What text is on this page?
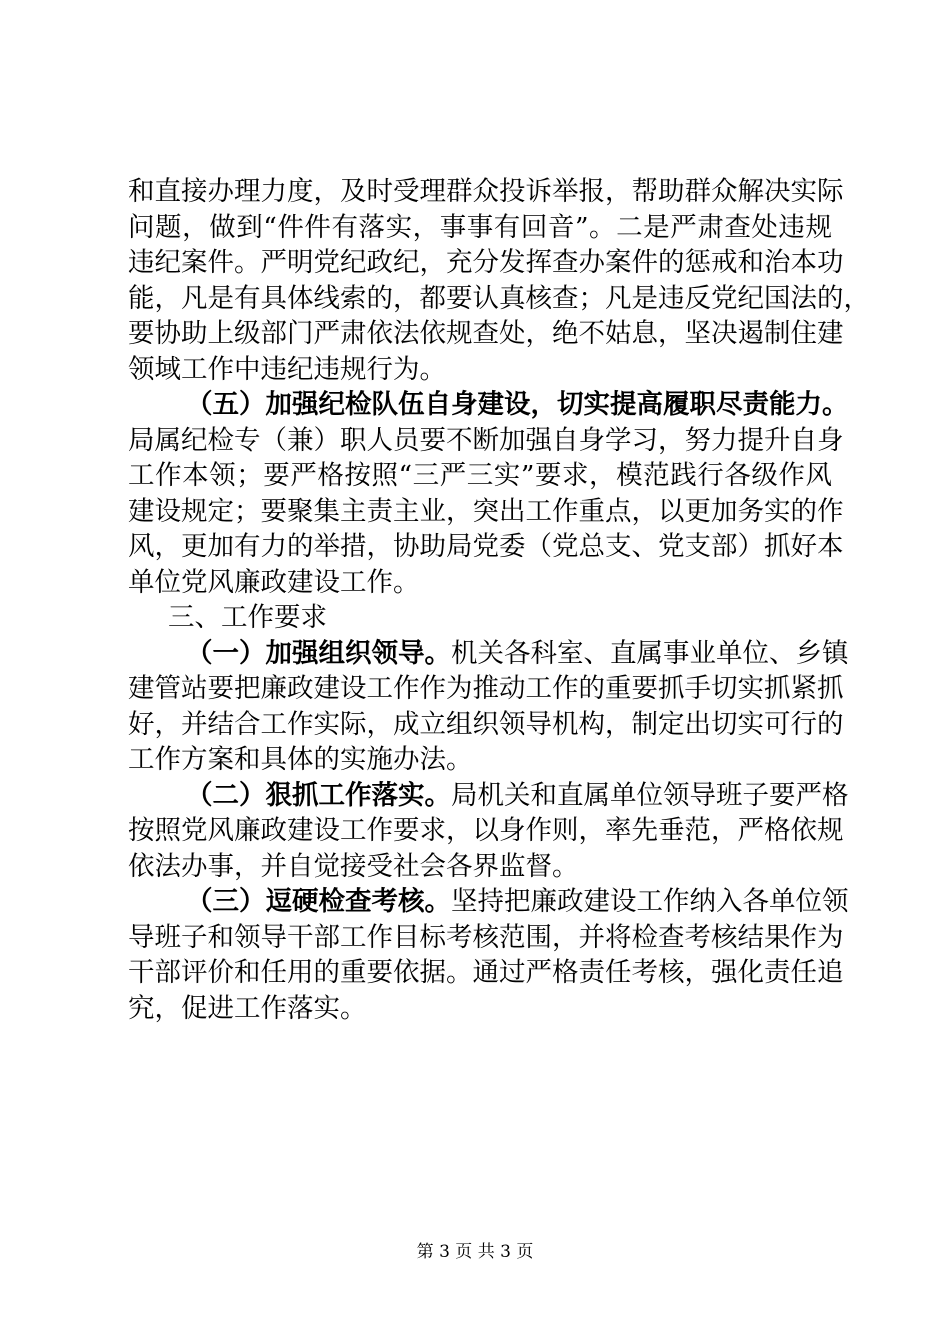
和直接办理力度，及时受理群众投诉举报，帮助群众解决实际
问题，做到“件件有落实，事事有回音”。二是严肃查处违规
违纪案件。严明党纪政纪，充分发挥查办案件的惩戒和治本功
能，凡是有具体线索的，都要认真核查；凡是违反党纪国法的，
要协助上级部门严肃依法依规查处，绝不姑息，坚决遏制住建
领域工作中违纪违规行为。
（五）加强纪检队伍自身建设，切实提高履职尽责能力。
局属纪检专（兼）职人员要不断加强自身学习，努力提升自身
工作本领；要严格按照“三严三实”要求，模范践行各级作风
建设规定；要聚集主责主业，突出工作重点，以更加务实的作
风，更加有力的举措，协助局党委（党总支、党支部）抓好本
单位党风廉政建设工作。
三、工作要求
（一）加强组织领导。机关各科室、直属事业单位、乡镇
建管站要把廉政建设工作作为推动工作的重要抓手切实抓紧抓
好，并结合工作实际，成立组织领导机构，制定出切实可行的
工作方案和具体的实施办法。
（二）狠抓工作落实。局机关和直属单位领导班子要严格
按照党风廉政建设工作要求，以身作则，率先垂范，严格依规
依法办事，并自觉接受社会各界监督。
（三）逗硬检查考核。坚持把廉政建设工作纳入各单位领
导班子和领导干部工作目标考核范围，并将检查考核结果作为
干部评价和任用的重要依据。通过严格责任考核，强化责任追
究，促进工作落实。
第 3 页 共 3 页
